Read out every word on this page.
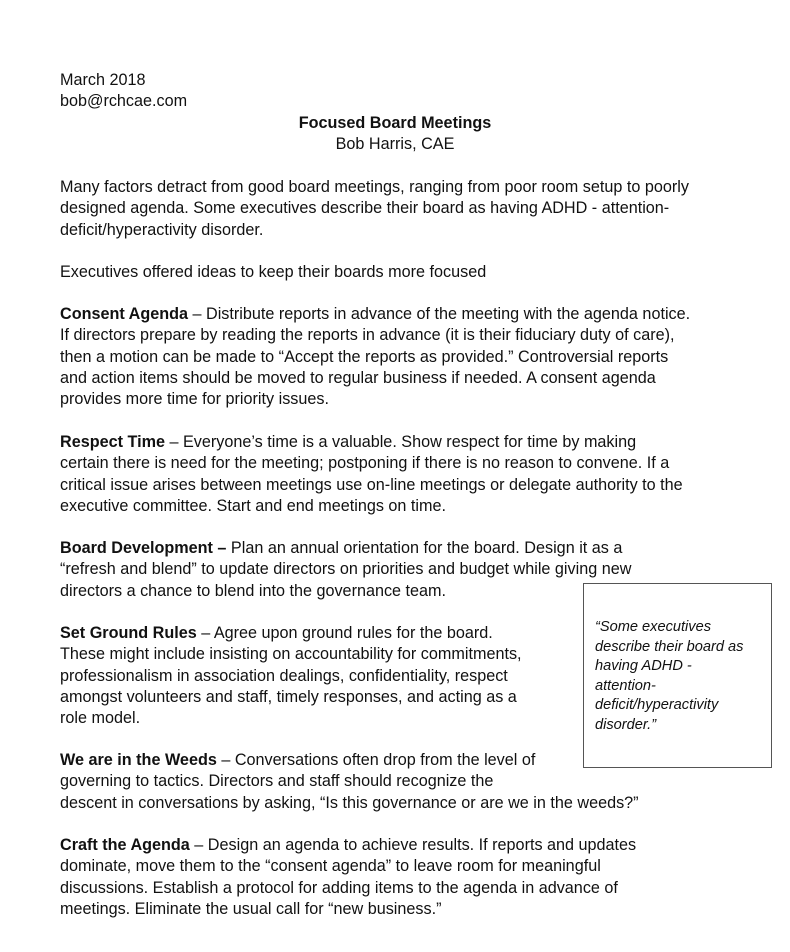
March 2018
bob@rchcae.com
Focused Board Meetings
Bob Harris, CAE
Many factors detract from good board meetings, ranging from poor room setup to poorly
designed agenda. Some executives describe their board as having ADHD - attention-
deficit/hyperactivity disorder.
Executives offered ideas to keep their boards more focused
Consent Agenda – Distribute reports in advance of the meeting with the agenda notice.
If directors prepare by reading the reports in advance (it is their fiduciary duty of care),
then a motion can be made to “Accept the reports as provided.” Controversial reports
and action items should be moved to regular business if needed. A consent agenda
provides more time for priority issues.
Respect Time – Everyone’s time is a valuable. Show respect for time by making
certain there is need for the meeting; postponing if there is no reason to convene. If a
critical issue arises between meetings use on-line meetings or delegate authority to the
executive committee. Start and end meetings on time.
Board Development – Plan an annual orientation for the board. Design it as a
“refresh and blend” to update directors on priorities and budget while giving new
directors a chance to blend into the governance team.
Set Ground Rules – Agree upon ground rules for the board.
These might include insisting on accountability for commitments,
professionalism in association dealings, confidentiality, respect
amongst volunteers and staff, timely responses, and acting as a
role model.
We are in the Weeds – Conversations often drop from the level of
governing to tactics. Directors and staff should recognize the
descent in conversations by asking, “Is this governance or are we in the weeds?”
Craft the Agenda – Design an agenda to achieve results. If reports and updates
dominate, move them to the “consent agenda” to leave room for meaningful
discussions. Establish a protocol for adding items to the agenda in advance of
meetings. Eliminate the usual call for “new business.”
“Some executives
describe their board as
having ADHD -
attention-
deficit/hyperactivity
disorder.”
